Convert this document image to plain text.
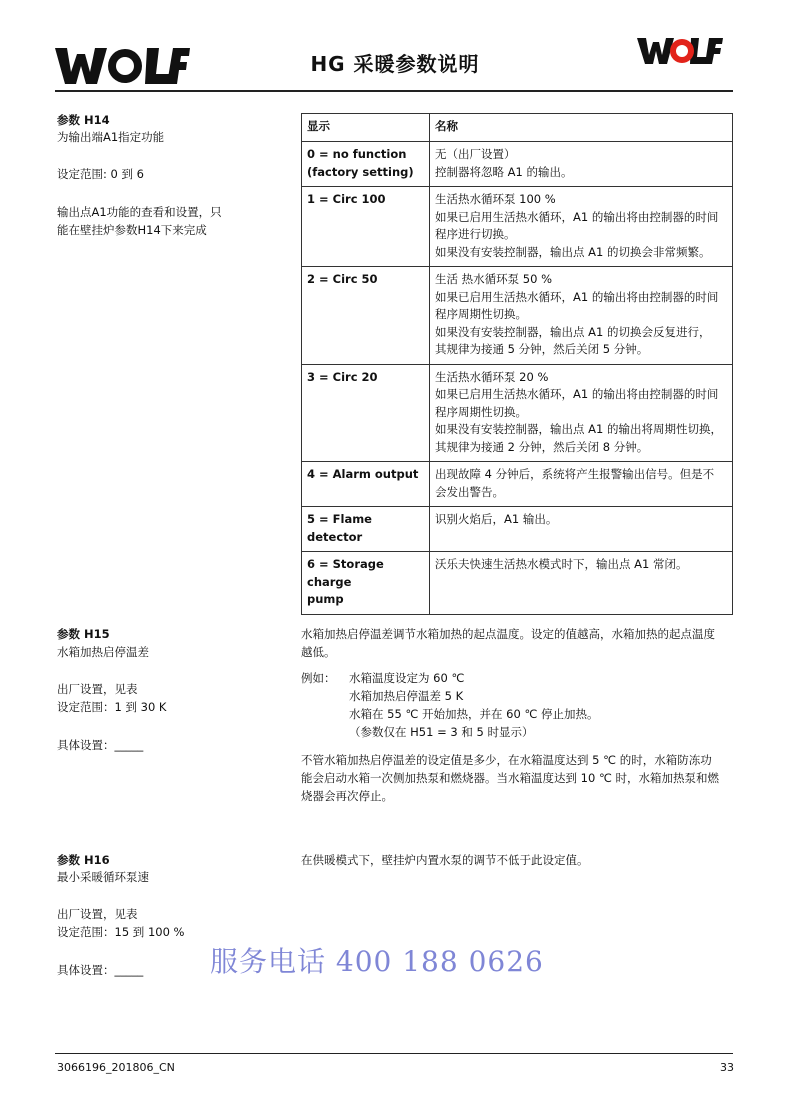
HG 采暖参数说明
参数 H14
为输出端A1指定功能
设定范围: 0 到 6
输出点A1功能的查看和设置，只
能在壁挂炉参数H14下来完成
显示	名称

0 = no function
(factory setting)	无（出厂设置）
控制器将忽略 A1 的输出。

1 = Circ 100	生活热水循环泵 100 %
如果已启用生活热水循环，A1 的输出将由控制器的时间
程序进行切换。
如果没有安装控制器，输出点 A1 的切换会非常频繁。

2 = Circ 50	生活 热水循环泵 50 %
如果已启用生活热水循环，A1 的输出将由控制器的时间
程序周期性切换。
如果没有安装控制器，输出点 A1 的切换会反复进行，
其规律为接通 5 分钟，然后关闭 5 分钟。

3 = Circ 20	生活热水循环泵 20 %
如果已启用生活热水循环，A1 的输出将由控制器的时间
程序周期性切换。
如果没有安装控制器，输出点 A1 的输出将周期性切换，
其规律为接通 2 分钟，然后关闭 8 分钟。

4 = Alarm output	出现故障 4 分钟后，系统将产生报警输出信号。但是不
会发出警告。

5 = Flame detector	识别火焰后，A1 输出。

6 = Storage charge
pump	沃乐夫快速生活热水模式时下，输出点 A1 常闭。
参数 H15
水箱加热启停温差
出厂设置，见表
设定范围：1 到 30 K
具体设置：_____
水箱加热启停温差调节水箱加热的起点温度。设定的值越高，水箱加热的起点温度
越低。
例如： 水箱温度设定为 60 ℃
水箱加热启停温差 5 K
水箱在 55 ℃ 开始加热，并在 60 ℃ 停止加热。
（参数仅在 H51 = 3 和 5 时显示）
不管水箱加热启停温差的设定值是多少，在水箱温度达到 5 ℃ 的时，水箱防冻功
能会启动水箱一次侧加热泵和燃烧器。当水箱温度达到 10 ℃ 时，水箱加热泵和燃
烧器会再次停止。
参数 H16
最小采暖循环泵速
出厂设置，见表
设定范围：15 到 100 %
具体设置：_____
在供暖模式下，壁挂炉内置水泵的调节不低于此设定值。
服务电话 400 188 0626
3066196_201806_CN	33
